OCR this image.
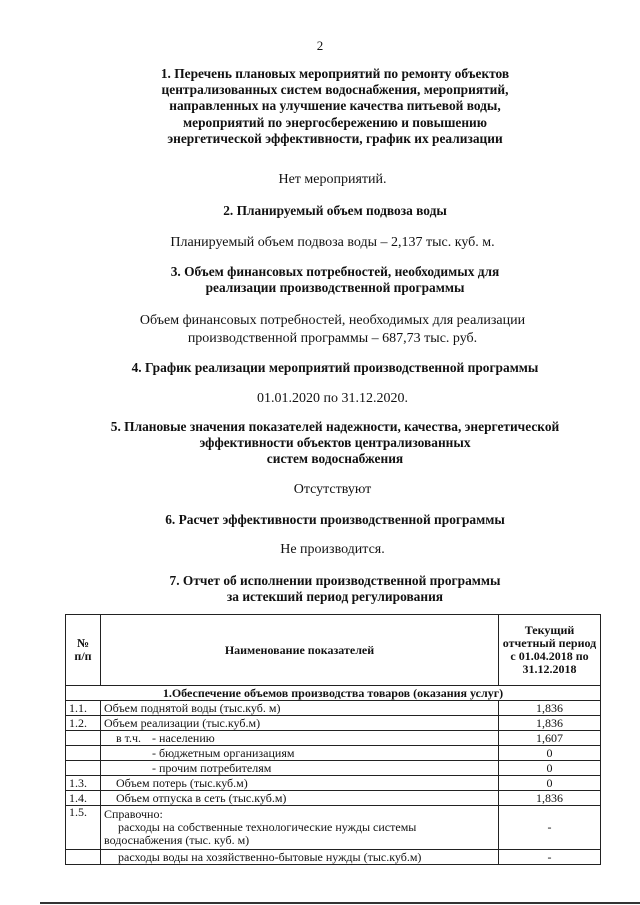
2
1. Перечень плановых мероприятий по ремонту объектов
централизованных систем водоснабжения, мероприятий,
направленных на улучшение качества питьевой воды,
мероприятий по энергосбережению и повышению
энергетической эффективности, график их реализации
Нет мероприятий.
2. Планируемый объем подвоза воды
Планируемый объем подвоза воды – 2,137 тыс. куб. м.
3. Объем финансовых потребностей, необходимых для
реализации производственной программы
Объем финансовых потребностей, необходимых для реализации
производственной программы – 687,73 тыс. руб.
4. График реализации мероприятий производственной программы
01.01.2020 по 31.12.2020.
5. Плановые значения показателей надежности, качества, энергетической
эффективности объектов централизованных
систем водоснабжения
Отсутствуют
6. Расчет эффективности производственной программы
Не производится.
7. Отчет об исполнении производственной программы
за истекший период регулирования
№
п/п	Наименование показателей	Текущий
отчетный период
с 01.04.2018 по
31.12.2018

1.Обеспечение объемов производства товаров (оказания услуг)		
1.1.	Объем поднятой воды (тыс.куб. м)	1,836
1.2.	Объем реализации (тыс.куб.м)	1,836
	в т.ч. - населению	1,607

	- бюджетным организациям	0

	- прочим потребителям	0
1.3.	Объем потерь (тыс.куб.м)	0
1.4.	Объем отпуска в сеть (тыс.куб.м)	1,836
1.5.	Справочно:
расходы на собственные технологические нужды системы
водоснабжения (тыс. куб. м)	-
	расходы воды на хозяйственно-бытовые нужды (тыс.куб.м)	-
